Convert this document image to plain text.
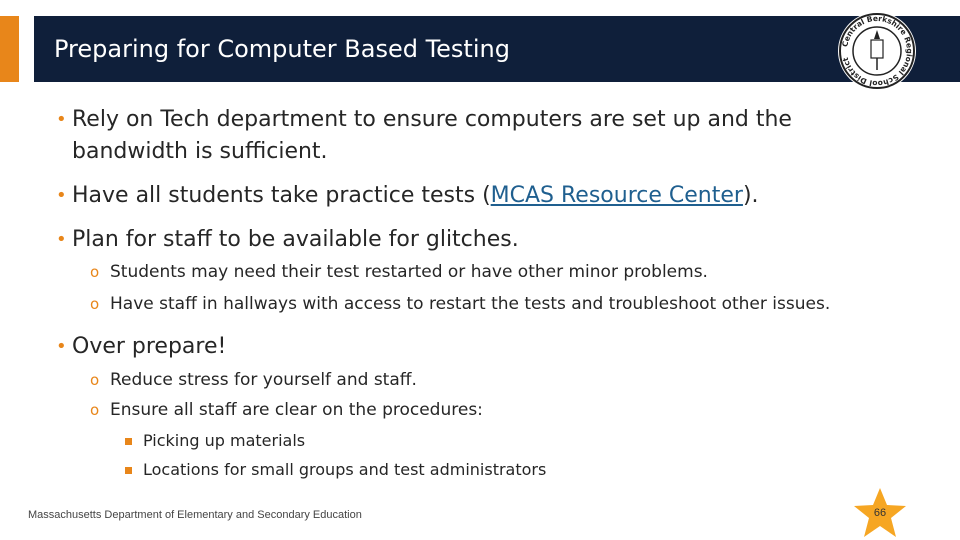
Preparing for Computer Based Testing	Central Berkshire Regional School District
• Rely on Tech department to ensure computers are set up and the
bandwidth is sufficient.
• Have all students take practice tests (MCAS Resource Center).
• Plan for staff to be available for glitches.
o Students may need their test restarted or have other minor problems.
o Have staff in hallways with access to restart the tests and troubleshoot other issues.
• Over prepare!
o Reduce stress for yourself and staff.
o Ensure all staff are clear on the procedures:
Picking up materials
Locations for small groups and test administrators
Massachusetts Department of Elementary and Secondary Education	66
